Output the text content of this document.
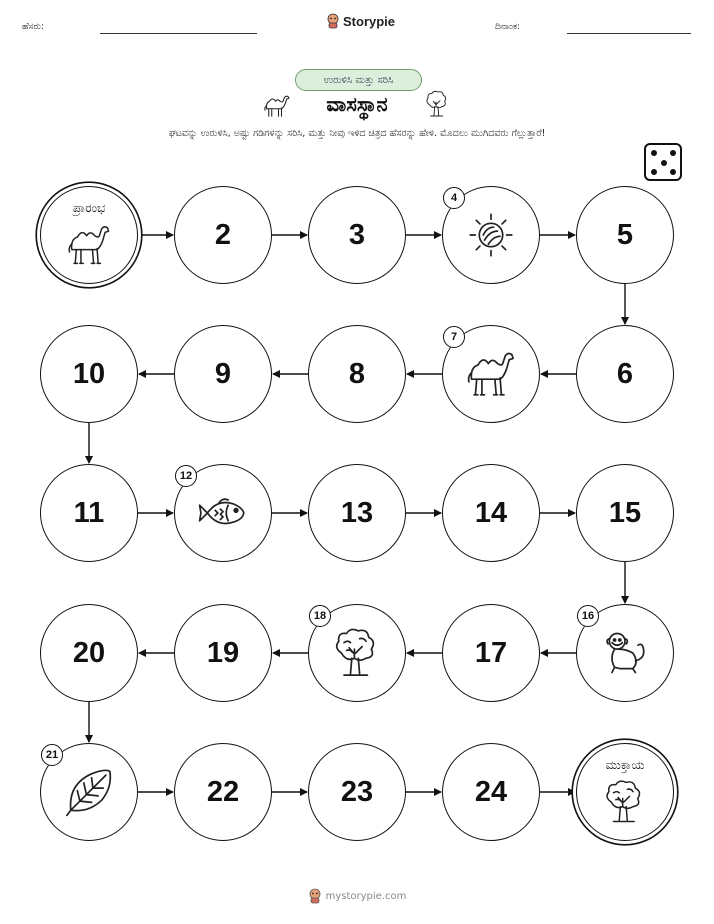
ಹೆಸರು:	Storypie	ದಿನಾಂಕ:
ಉರುಳಿಸಿ ಮತ್ತು ಸರಿಸಿ
ವಾಸಸ್ಥಾನ
ಘಟವನ್ನು ಉರುಳಿಸಿ, ಅಷ್ಟು ಗಡಿಗಳನ್ನು ಸರಿಸಿ, ಮತ್ತು ನೀವು ಇಳಿದ ಚಿತ್ರದ ಹೆಸರನ್ನು ಹೇಳಿ. ಮೊದಲು ಮುಗಿದವರು ಗೆಲ್ಲುತ್ತಾರೆ!
ಪ್ರಾರಂಭ
2	3
4
5
6
7
8
9
10
11
12
13	14	15
16
17
18
19
20
21
22	23	24
ಮುಕ್ತಾಯ
mystorypie.com
